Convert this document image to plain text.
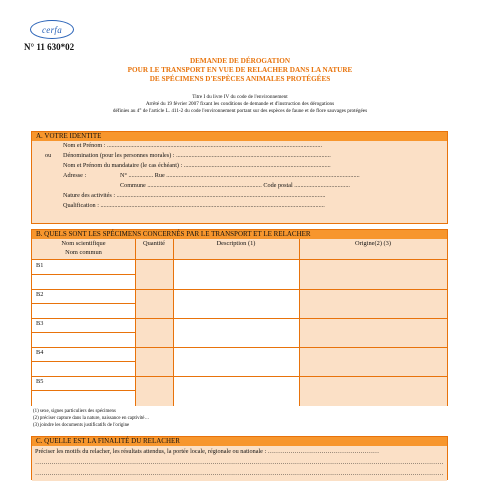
cerfa
N° 11 630*02
DEMANDE DE DÉROGATION
POUR LE TRANSPORT EN VUE DE RELACHER DANS LA NATURE
DE SPÉCIMENS D'ESPÈCES ANIMALES PROTÉGÉES
Titre I du livre IV du code de l'environnement
Arrêté du 19 février 2007 fixant les conditions de demande et d'instruction des dérogations
définies au 4° de l'article L. 411-2 du code l'environnement portant sur des espèces de faune et de flore sauvages protégées
A. VOTRE IDENTITE
Nom et Prénom : ...........................................................................................................................................
ou Dénomination (pour les personnes morales) : ....................................................................................................
Nom et Prénom du mandataire (le cas échéant) : ...............................................................................................
Adresse :	N° ................ Rue .............................................................................................................................
Commune .......................................................................... Code postal ....................................
Nature des activités : .......................................................................................................................................
Qualification : .................................................................................................................................................
B. QUELS SONT LES SPÉCIMENS CONCERNÉS PAR LE TRANSPORT ET LE RELACHER
Nom scientifique
Nom commun
Quantité	Description (1)	Origine(2) (3)
B1
B2
B3
B4
B5
(1) sexe, signes particuliers des spécimens
(2) préciser capture dans la nature, naissance en captivité…
(3) joindre les documents justificatifs de l'origine
C. QUELLE EST LA FINALITÉ DU RELACHER
Préciser les motifs du relacher, les résultats attendus, la portée locale, régionale ou nationale : ………………………………………………
………………………………………………………………………………………………………………………………………………………………………………
………………………………………………………………………………………………………………………………………………………………………………
